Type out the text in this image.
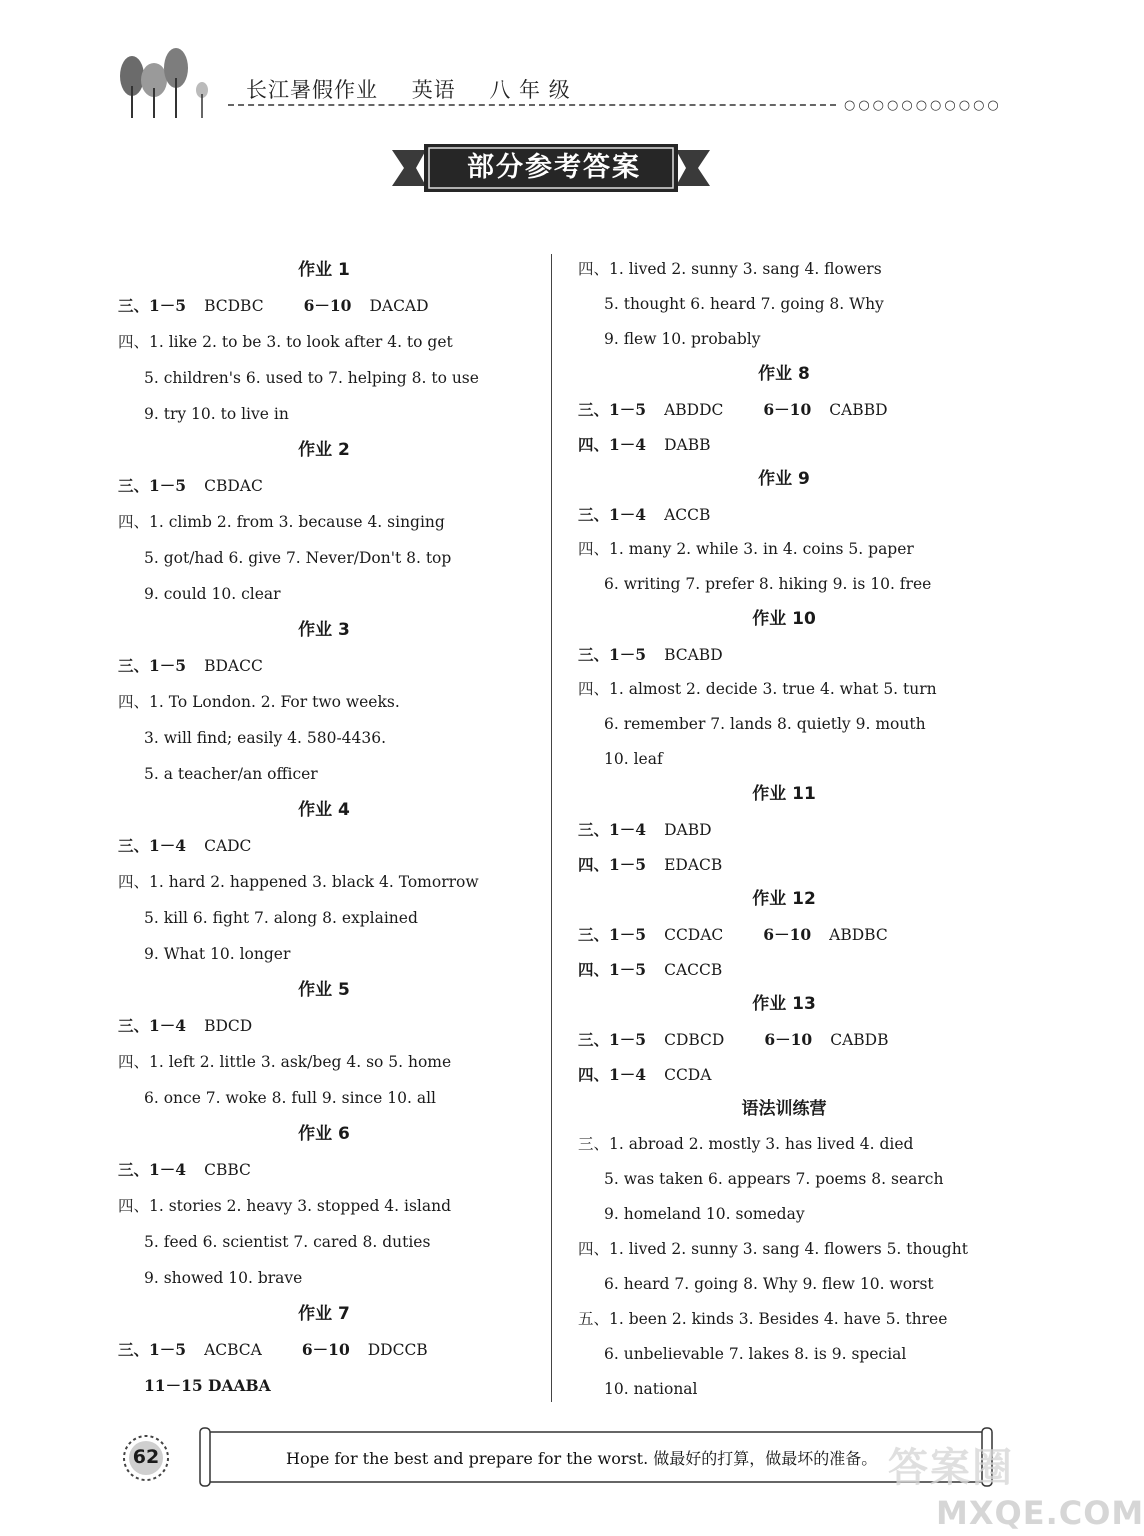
长江暑假作业 英语 八 年 级
○○○○○○○○○○○
部分参考答案
作业 1
三、1－5 BCDBC	6－10 DACAD
四、1. like 2. to be 3. to look after 4. to get
5. children's 6. used to 7. helping 8. to use
9. try 10. to live in
作业 2
三、1－5 CBDAC
四、1. climb 2. from 3. because 4. singing
5. got/had 6. give 7. Never/Don't 8. top
9. could 10. clear
作业 3
三、1－5 BDACC
四、1. To London. 2. For two weeks.
3. will find; easily 4. 580-4436.
5. a teacher/an officer
作业 4
三、1－4 CADC
四、1. hard 2. happened 3. black 4. Tomorrow
5. kill 6. fight 7. along 8. explained
9. What 10. longer
作业 5
三、1－4 BDCD
四、1. left 2. little 3. ask/beg 4. so 5. home
6. once 7. woke 8. full 9. since 10. all
作业 6
三、1－4 CBBC
四、1. stories 2. heavy 3. stopped 4. island
5. feed 6. scientist 7. cared 8. duties
9. showed 10. brave
作业 7
三、1－5 ACBCA	6－10 DDCCB
11－15 DAABA
四、1. lived 2. sunny 3. sang 4. flowers
5. thought 6. heard 7. going 8. Why
9. flew 10. probably
作业 8
三、1－5 ABDDC	6－10 CABBD
四、1－4 DABB
作业 9
三、1－4 ACCB
四、1. many 2. while 3. in 4. coins 5. paper
6. writing 7. prefer 8. hiking 9. is 10. free
作业 10
三、1－5 BCABD
四、1. almost 2. decide 3. true 4. what 5. turn
6. remember 7. lands 8. quietly 9. mouth
10. leaf
作业 11
三、1－4 DABD
四、1－5 EDACB
作业 12
三、1－5 CCDAC	6－10 ABDBC
四、1－5 CACCB
作业 13
三、1－5 CDBCD	6－10 CABDB
四、1－4 CCDA
语法训练营
三、1. abroad 2. mostly 3. has lived 4. died
5. was taken 6. appears 7. poems 8. search
9. homeland 10. someday
四、1. lived 2. sunny 3. sang 4. flowers 5. thought
6. heard 7. going 8. Why 9. flew 10. worst
五、1. been 2. kinds 3. Besides 4. have 5. three
6. unbelievable 7. lakes 8. is 9. special
10. national
62	Hope for the best and prepare for the worst. 做最好的打算，做最坏的准备。 答案圈
MXQE.COM
